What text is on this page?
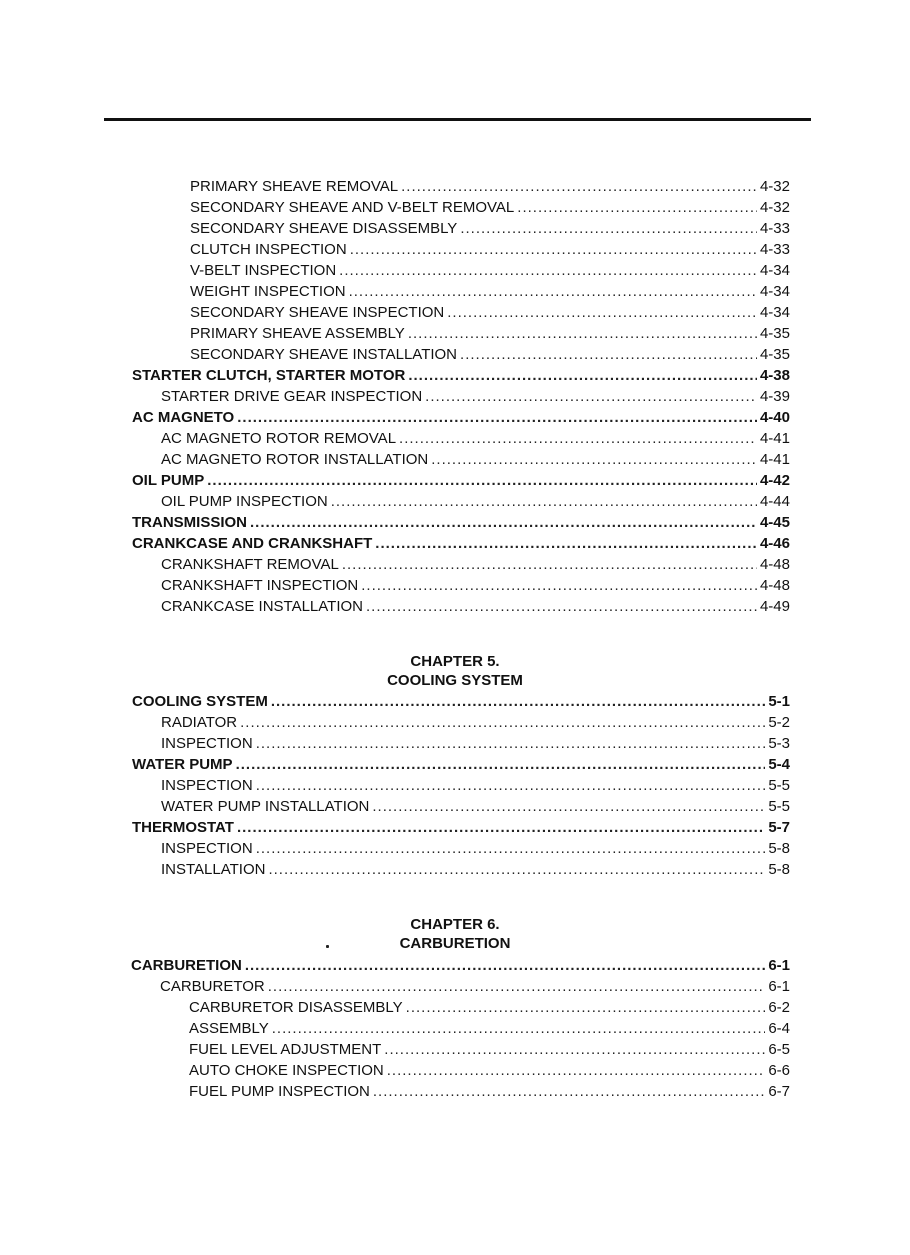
PRIMARY SHEAVE REMOVAL .....	4-32
SECONDARY SHEAVE AND V-BELT REMOVAL .....	4-32
SECONDARY SHEAVE DISASSEMBLY .....	4-33
CLUTCH INSPECTION .....	4-33
V-BELT INSPECTION .....	4-34
WEIGHT INSPECTION .....	4-34
SECONDARY SHEAVE INSPECTION .....	4-34
PRIMARY SHEAVE ASSEMBLY .....	4-35
SECONDARY SHEAVE INSTALLATION .....	4-35
STARTER CLUTCH, STARTER MOTOR .....	4-38
STARTER DRIVE GEAR INSPECTION .....	4-39
AC MAGNETO .....	4-40
AC MAGNETO ROTOR REMOVAL .....	4-41
AC MAGNETO ROTOR INSTALLATION .....	4-41
OIL PUMP .....	4-42
OIL PUMP INSPECTION .....	4-44
TRANSMISSION .....	4-45
CRANKCASE AND CRANKSHAFT .....	4-46
CRANKSHAFT REMOVAL .....	4-48
CRANKSHAFT INSPECTION .....	4-48
CRANKCASE INSTALLATION .....	4-49
CHAPTER 5.
COOLING SYSTEM
COOLING SYSTEM .....	5-1
RADIATOR .....	5-2
INSPECTION .....	5-3
WATER PUMP .....	5-4
INSPECTION .....	5-5
WATER PUMP INSTALLATION .....	5-5
THERMOSTAT .....	5-7
INSPECTION .....	5-8
INSTALLATION .....	5-8
CHAPTER 6.
CARBURETION
CARBURETION .....	6-1
CARBURETOR .....	6-1
CARBURETOR DISASSEMBLY .....	6-2
ASSEMBLY .....	6-4
FUEL LEVEL ADJUSTMENT .....	6-5
AUTO CHOKE INSPECTION .....	6-6
FUEL PUMP INSPECTION .....	6-7
